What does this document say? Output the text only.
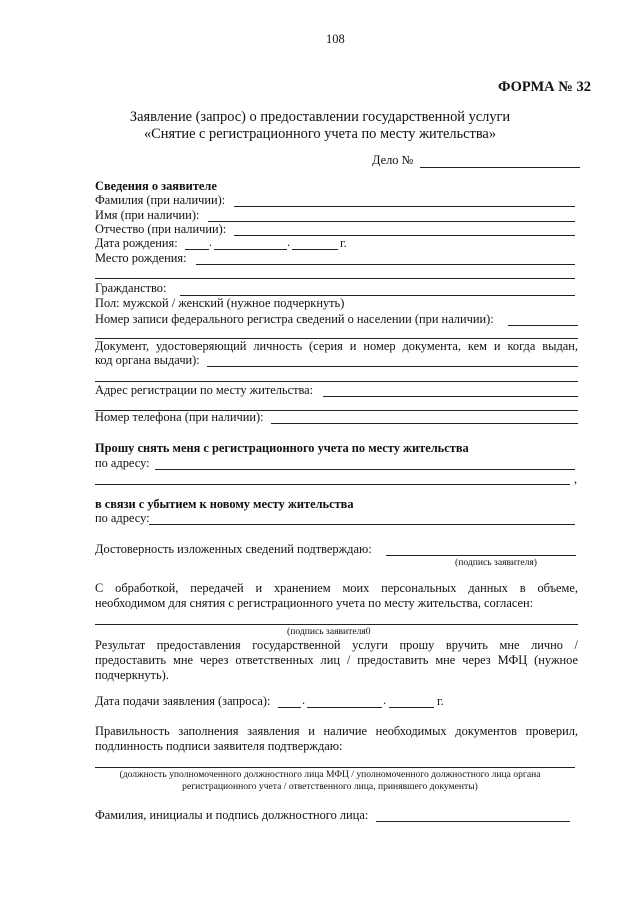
108
ФОРМА № 32
Заявление (запрос) о предоставлении государственной услуги
«Снятие с регистрационного учета по месту жительства»
Дело №
Сведения о заявителе
Фамилия (при наличии):
Имя (при наличии):
Отчество (при наличии):
Дата рождения:	.	.	г.
Место рождения:
Гражданство:
Пол: мужской / женский (нужное подчеркнуть)
Номер записи федерального регистра сведений о населении (при наличии):
Документ, удостоверяющий личность (серия и номер документа, кем и когда выдан,
код органа выдачи):
Адрес регистрации по месту жительства:
Номер телефона (при наличии):
Прошу снять меня с регистрационного учета по месту жительства
по адресу:
,
в связи с убытием к новому месту жительства
по адресу:
Достоверность изложенных сведений подтверждаю:
(подпись заявителя)
С обработкой, передачей и хранением моих персональных данных в объеме,
необходимом для снятия с регистрационного учета по месту жительства, согласен:
(подпись заявителя0
Результат предоставления государственной услуги прошу вручить мне лично /
предоставить мне через ответственных лиц / предоставить мне через МФЦ (нужное
подчеркнуть).
Дата подачи заявления (запроса):	.	.	г.
Правильность заполнения заявления и наличие необходимых документов проверил,
подлинность подписи заявителя подтверждаю:
(должность уполномоченного должностного лица МФЦ / уполномоченного должностного лица органа
регистрационного учета / ответственного лица, принявшего документы)
Фамилия, инициалы и подпись должностного лица:
